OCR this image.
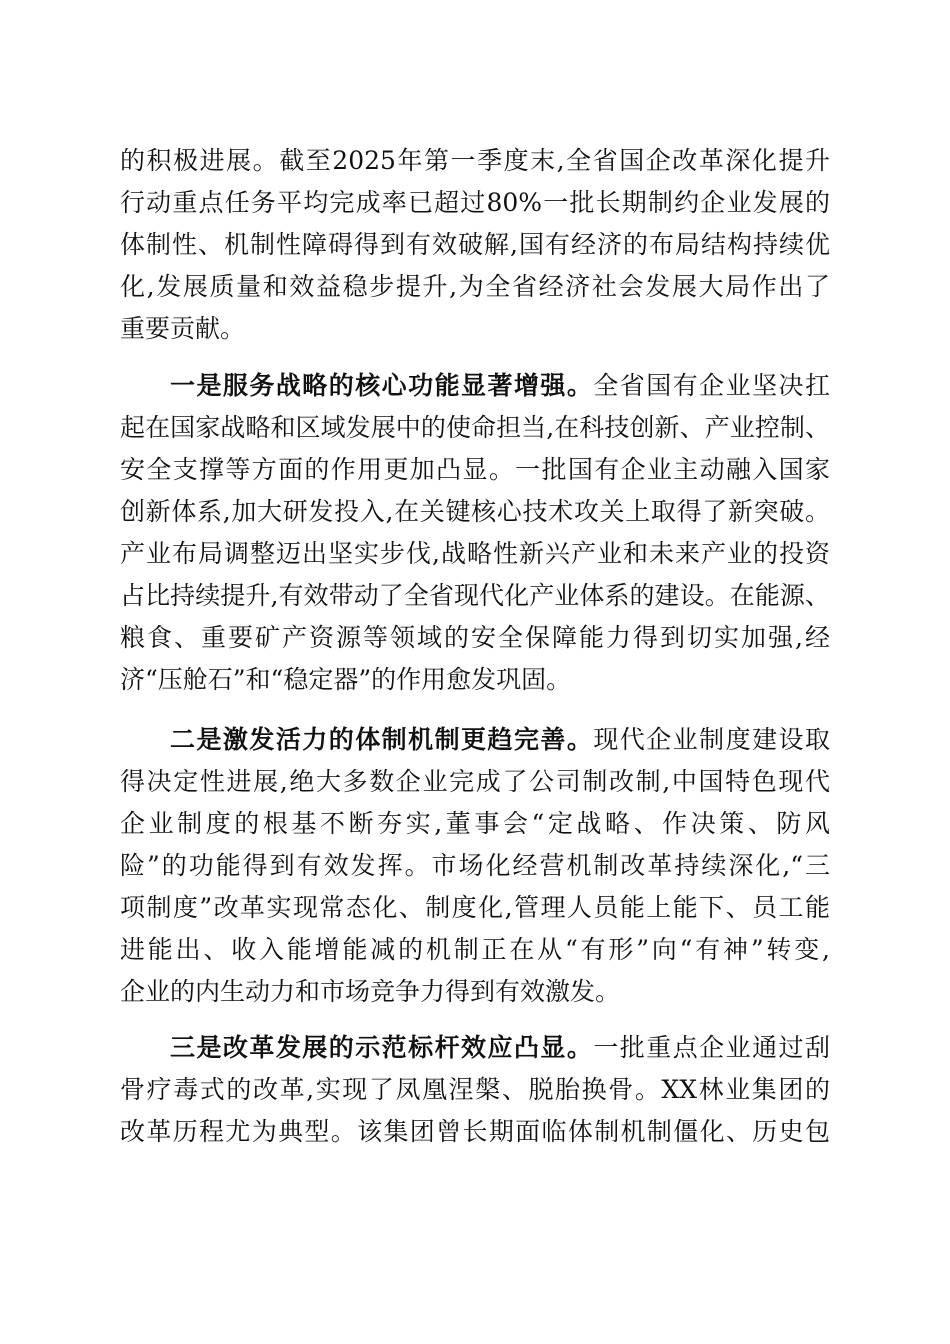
的积极进展。截至2025年第一季度末,全省国企改革深化提升
行动重点任务平均完成率已超过80%一批长期制约企业发展的
体制性、机制性障碍得到有效破解,国有经济的布局结构持续优
化,发展质量和效益稳步提升,为全省经济社会发展大局作出了
重要贡献。
一是服务战略的核心功能显著增强。全省国有企业坚决扛
起在国家战略和区域发展中的使命担当,在科技创新、产业控制、
安全支撑等方面的作用更加凸显。一批国有企业主动融入国家
创新体系,加大研发投入,在关键核心技术攻关上取得了新突破。
产业布局调整迈出坚实步伐,战略性新兴产业和未来产业的投资
占比持续提升,有效带动了全省现代化产业体系的建设。在能源、
粮食、重要矿产资源等领域的安全保障能力得到切实加强,经
济“压舱石”和“稳定器”的作用愈发巩固。
二是激发活力的体制机制更趋完善。现代企业制度建设取
得决定性进展,绝大多数企业完成了公司制改制,中国特色现代
企业制度的根基不断夯实,董事会“定战略、作决策、防风
险”的功能得到有效发挥。市场化经营机制改革持续深化,“三
项制度”改革实现常态化、制度化,管理人员能上能下、员工能
进能出、收入能增能减的机制正在从“有形”向“有神”转变,
企业的内生动力和市场竞争力得到有效激发。
三是改革发展的示范标杆效应凸显。一批重点企业通过刮
骨疗毒式的改革,实现了凤凰涅槃、脱胎换骨。XX林业集团的
改革历程尤为典型。该集团曾长期面临体制机制僵化、历史包
